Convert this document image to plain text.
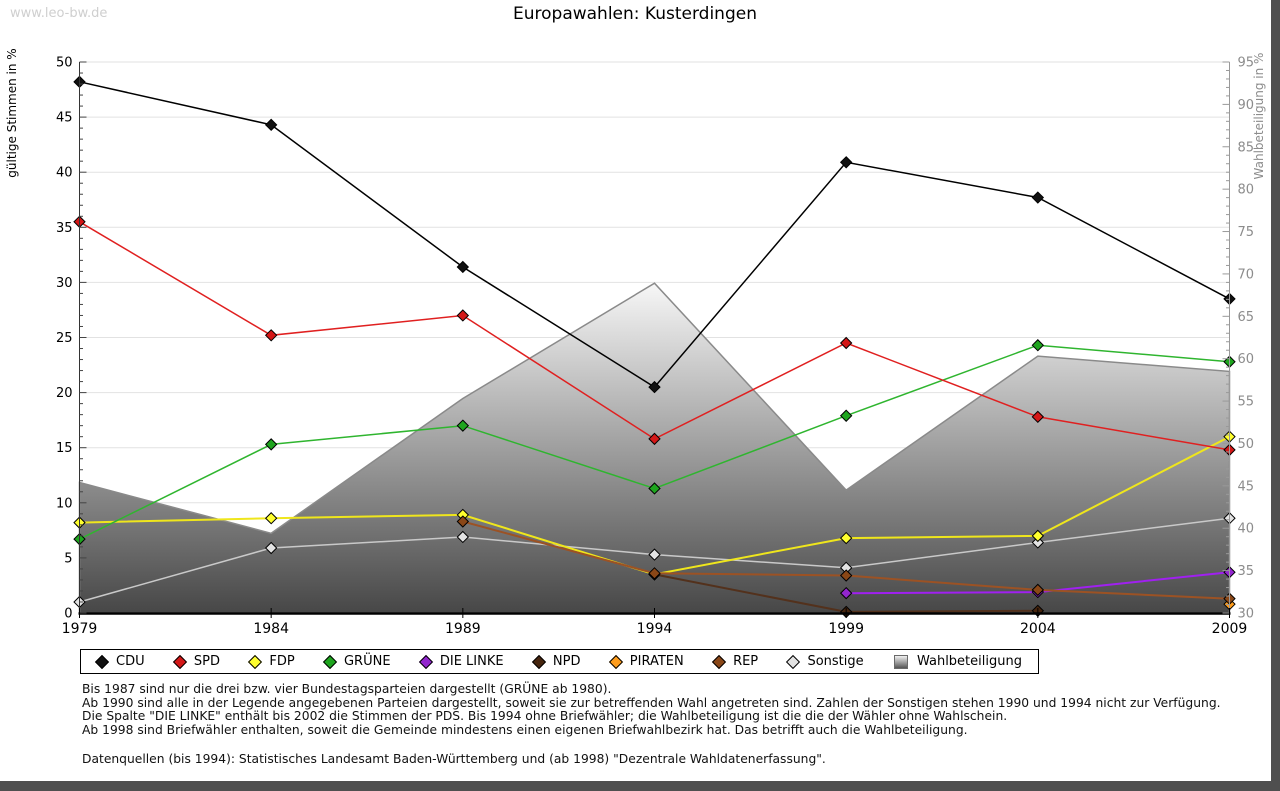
www.leo-bw.de	Europawahlen: Kusterdingen
0
5
10
15
20
25
30
35
40
45
50
30
35
40
45
50
55
60
65
70
75
80
85
90
95
1979	1984	1989	1994	1999	2004	2009
gültige Stimmen in %	Wahlbeteiligung in %
CDU	SPD	FDP	GRÜNE	DIE LINKE	NPD	PIRATEN	REP	Sonstige	Wahlbeteiligung
Bis 1987 sind nur die drei bzw. vier Bundestagsparteien dargestellt (GRÜNE ab 1980).
Ab 1990 sind alle in der Legende angegebenen Parteien dargestellt, soweit sie zur betreffenden Wahl angetreten sind. Zahlen der Sonstigen stehen 1990 und 1994 nicht zur Verfügung.
Die Spalte "DIE LINKE" enthält bis 2002 die Stimmen der PDS. Bis 1994 ohne Briefwähler; die Wahlbeteiligung ist die die der Wähler ohne Wahlschein.
Ab 1998 sind Briefwähler enthalten, soweit die Gemeinde mindestens einen eigenen Briefwahlbezirk hat. Das betrifft auch die Wahlbeteiligung.
Datenquellen (bis 1994): Statistisches Landesamt Baden-Württemberg und (ab 1998) "Dezentrale Wahldatenerfassung".
